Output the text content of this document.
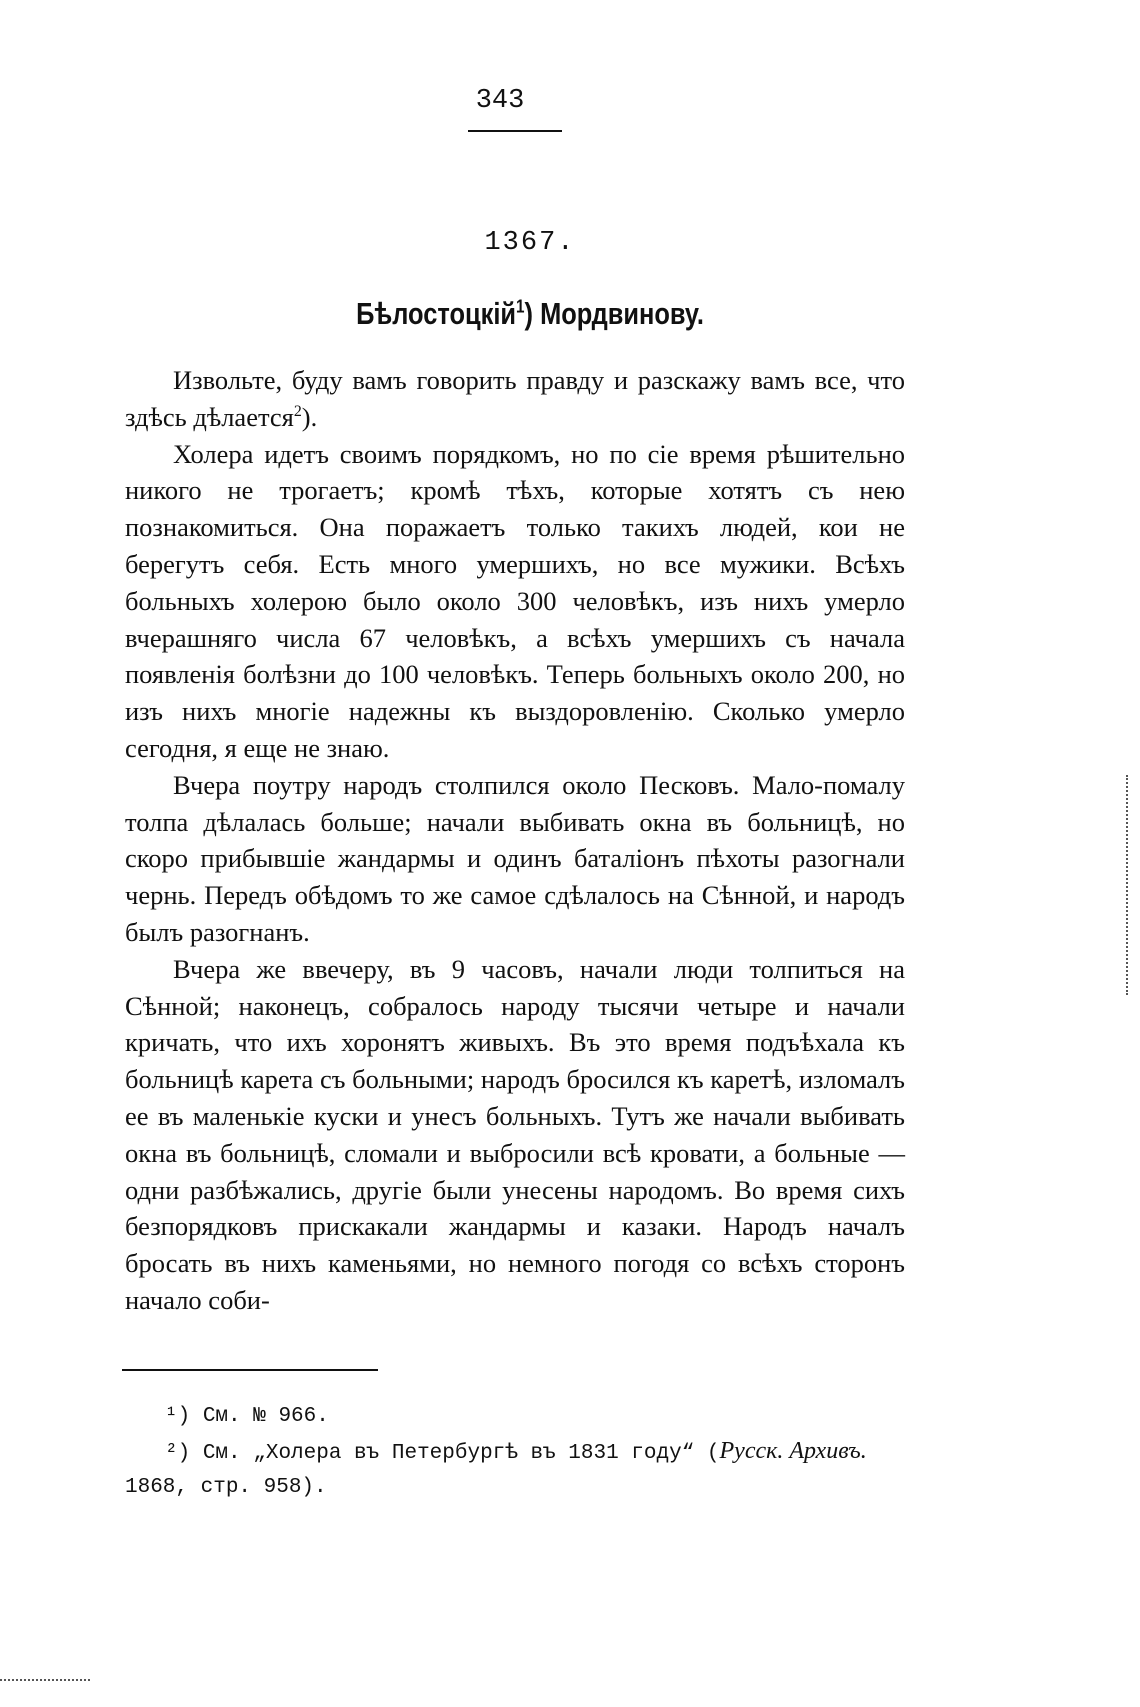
343
1367.
Бѣлостоцкій$^1$) Мордвинову.

Извольте, буду вамъ говорить правду и разскажу вамъ все, что здѣсь дѣлается$^2$).

Холера идетъ своимъ порядкомъ, но по сіе время рѣшительно никого не трогаетъ; кромѣ тѣхъ, которые хотятъ съ нею познакомиться. Она поражаетъ только такихъ людей, кои не берегутъ себя. Есть много умершихъ, но все мужики. Всѣхъ больныхъ холерою было около 300 человѣкъ, изъ нихъ умерло вчерашняго числа 67 человѣкъ, а всѣхъ умершихъ съ начала появленія болѣзни до 100 человѣкъ. Теперь больныхъ около 200, но изъ нихъ многіе надежны къ выздоровленію. Сколько умерло сегодня, я еще не знаю.

Вчера поутру народъ столпился около Песковъ. Мало-помалу толпа дѣлалась больше; начали выбивать окна въ больницѣ, но скоро прибывшіе жандармы и одинъ баталіонъ пѣхоты разогнали чернь. Передъ обѣдомъ то же самое сдѣлалось на Сѣнной, и народъ былъ разогнанъ.

Вчера же ввечеру, въ 9 часовъ, начали люди толпиться на Сѣнной; наконецъ, собралось народу тысячи четыре и начали кричать, что ихъ хоронятъ живыхъ. Въ это время подъѣхала къ больницѣ карета съ больными; народъ бросился къ каретѣ, изломалъ ее въ маленькіе куски и унесъ больныхъ. Тутъ же начали выбивать окна въ больницѣ, сломали и выбросили всѣ кровати, а больные — одни разбѣжались, другіе были унесены народомъ. Во время сихъ безпорядковъ прискакали жандармы и казаки. Народъ началъ бросать въ нихъ каменьями, но немного погодя со всѣхъ сторонъ начало соби-

¹) См. № 966.

²) См. „Холера въ Петербургѣ въ 1831 году“ (Русск. Архивъ. 1868, стр. 958).
